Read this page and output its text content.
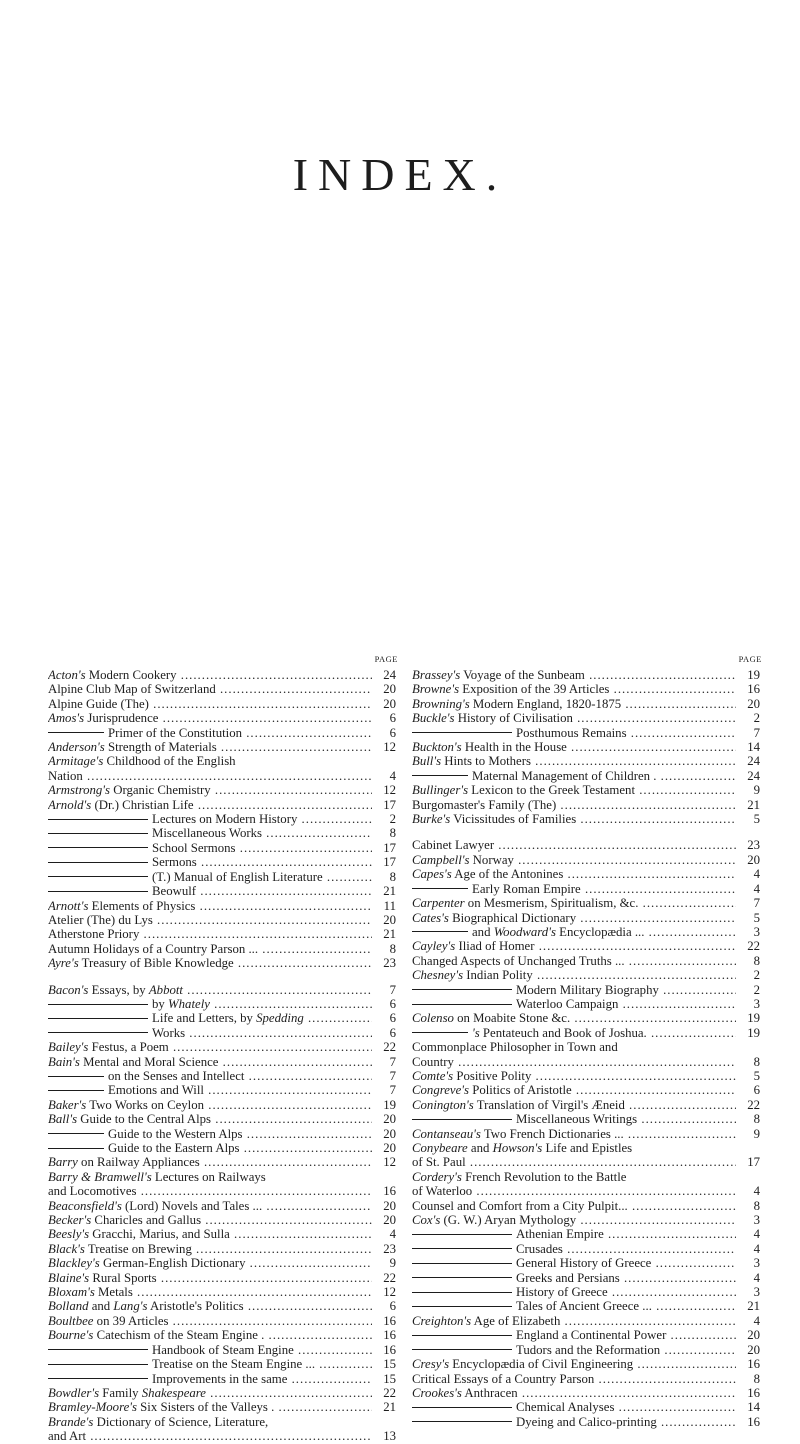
INDEX.
PAGE
Acton's Modern Cookery .....	24
Alpine Club Map of Switzerland .....	20
Alpine Guide (The) .....	20
Amos's Jurisprudence .....	6
Primer of the Constitution .....	6
Anderson's Strength of Materials .....	12
Armitage's Childhood of the English
Nation .....	4
Armstrong's Organic Chemistry .....	12
Arnold's (Dr.) Christian Life .....	17
Lectures on Modern History .....	2
Miscellaneous Works .....	8
School Sermons .....	17
Sermons .....	17
(T.) Manual of English Literature .....	8
Beowulf .....	21
Arnott's Elements of Physics .....	11
Atelier (The) du Lys .....	20
Atherstone Priory .....	21
Autumn Holidays of a Country Parson ... .....	8
Ayre's Treasury of Bible Knowledge .....	23
Bacon's Essays, by Abbott .....	7
by Whately .....	6
Life and Letters, by Spedding .....	6
Works .....	6
Bailey's Festus, a Poem .....	22
Bain's Mental and Moral Science .....	7
on the Senses and Intellect .....	7
Emotions and Will .....	7
Baker's Two Works on Ceylon .....	19
Ball's Guide to the Central Alps .....	20
Guide to the Western Alps .....	20
Guide to the Eastern Alps .....	20
Barry on Railway Appliances .....	12
Barry & Bramwell's Lectures on Railways
and Locomotives .....	16
Beaconsfield's (Lord) Novels and Tales ... .....	20
Becker's Charicles and Gallus .....	20
Beesly's Gracchi, Marius, and Sulla .....	4
Black's Treatise on Brewing .....	23
Blackley's German-English Dictionary .....	9
Blaine's Rural Sports .....	22
Bloxam's Metals .....	12
Bolland and Lang's Aristotle's Politics .....	6
Boultbee on 39 Articles .....	16
Bourne's Catechism of the Steam Engine . .....	16
Handbook of Steam Engine .....	16
Treatise on the Steam Engine ... .....	15
Improvements in the same .....	15
Bowdler's Family Shakespeare .....	22
Bramley-Moore's Six Sisters of the Valleys . .....	21
Brande's Dictionary of Science, Literature,
and Art .....	13
PAGE
Brassey's Voyage of the Sunbeam .....	19
Browne's Exposition of the 39 Articles .....	16
Browning's Modern England, 1820-1875 .....	20
Buckle's History of Civilisation .....	2
Posthumous Remains .....	7
Buckton's Health in the House .....	14
Bull's Hints to Mothers .....	24
Maternal Management of Children . .....	24
Bullinger's Lexicon to the Greek Testament .....	9
Burgomaster's Family (The) .....	21
Burke's Vicissitudes of Families .....	5
Cabinet Lawyer .....	23
Campbell's Norway .....	20
Capes's Age of the Antonines .....	4
Early Roman Empire .....	4
Carpenter on Mesmerism, Spiritualism, &c. .....	7
Cates's Biographical Dictionary .....	5
and Woodward's Encyclopædia ... .....	3
Cayley's Iliad of Homer .....	22
Changed Aspects of Unchanged Truths ... .....	8
Chesney's Indian Polity .....	2
Modern Military Biography .....	2
Waterloo Campaign .....	3
Colenso on Moabite Stone &c. .....	19
's Pentateuch and Book of Joshua. .....	19
Commonplace Philosopher in Town and
Country .....	8
Comte's Positive Polity .....	5
Congreve's Politics of Aristotle .....	6
Conington's Translation of Virgil's Æneid .....	22
Miscellaneous Writings .....	8
Contanseau's Two French Dictionaries ... .....	9
Conybeare and Howson's Life and Epistles
of St. Paul .....	17
Cordery's French Revolution to the Battle
of Waterloo .....	4
Counsel and Comfort from a City Pulpit... .....	8
Cox's (G. W.) Aryan Mythology .....	3
Athenian Empire .....	4
Crusades .....	4
General History of Greece .....	3
Greeks and Persians .....	4
History of Greece .....	3
Tales of Ancient Greece ... .....	21
Creighton's Age of Elizabeth .....	4
England a Continental Power .....	20
Tudors and the Reformation .....	20
Cresy's Encyclopædia of Civil Engineering .....	16
Critical Essays of a Country Parson .....	8
Crookes's Anthracen .....	16
Chemical Analyses .....	14
Dyeing and Calico-printing .....	16
